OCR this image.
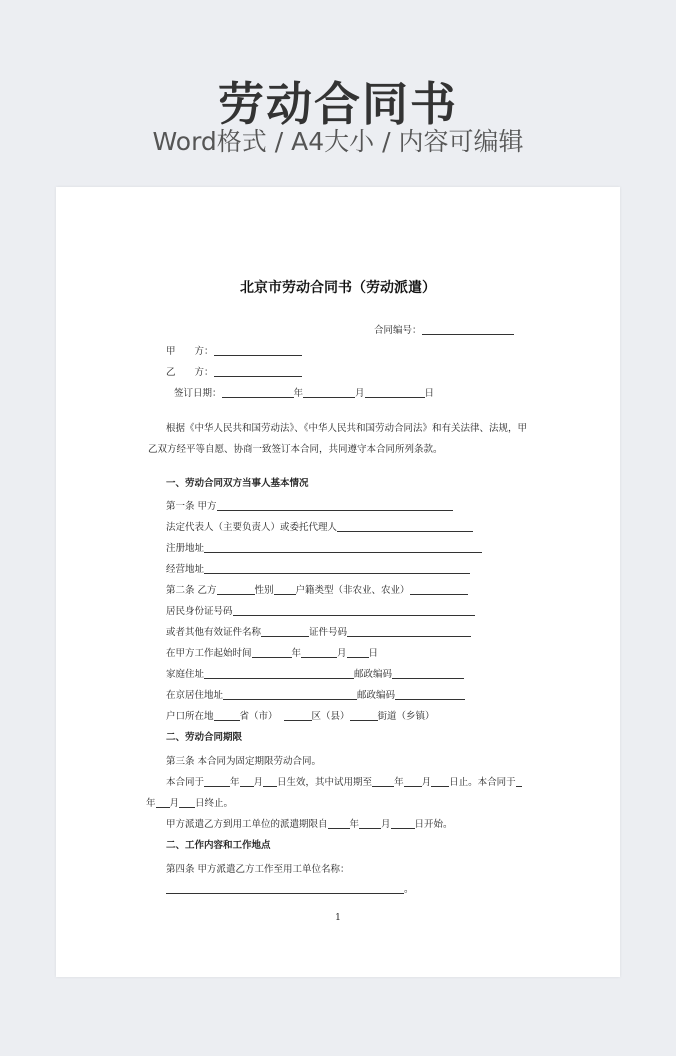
劳动合同书
Word格式 / A4大小 / 内容可编辑
北京市劳动合同书（劳动派遣）
合同编号：
甲　　方：
乙　　方：
签订日期：	年	月	日
根据《中华人民共和国劳动法》、《中华人民共和国劳动合同法》和有关法律、法规，甲
乙双方经平等自愿、协商一致签订本合同，共同遵守本合同所列条款。
一、劳动合同双方当事人基本情况
第一条 甲方
法定代表人（主要负责人）或委托代理人
注册地址
经营地址
第二条 乙方	性别 户籍类型（非农业、农业）
居民身份证号码
或者其他有效证件名称	证件号码
在甲方工作起始时间	年	月 日
家庭住址	邮政编码
在京居住地址	邮政编码
户口所在地	省（市）	区（县）	街道（乡镇）
二、劳动合同期限
第三条 本合同为固定期限劳动合同。
本合同于	年 月 日生效，其中试用期至 年 月 日止。本合同于
年 月 日终止。
甲方派遣乙方到用工单位的派遣期限自 年 月	日开始。
二、工作内容和工作地点
第四条 甲方派遣乙方工作至用工单位名称：
。
1
